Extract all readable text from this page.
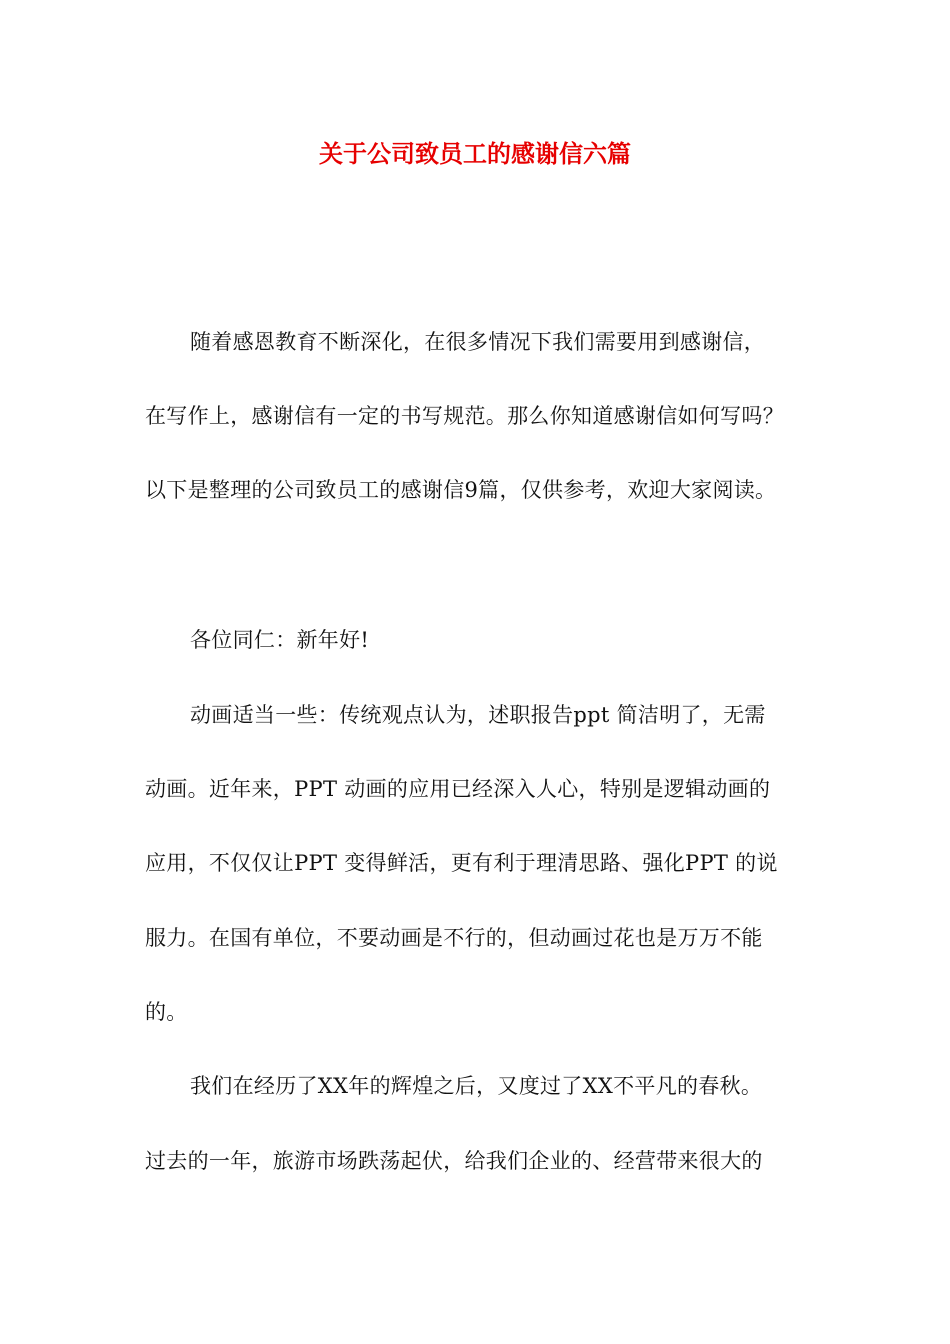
关于公司致员工的感谢信六篇
随着感恩教育不断深化，在很多情况下我们需要用到感谢信，
在写作上，感谢信有一定的书写规范。那么你知道感谢信如何写吗？
以下是整理的公司致员工的感谢信9篇，仅供参考，欢迎大家阅读。
各位同仁：新年好!
动画适当一些：传统观点认为，述职报告ppt 简洁明了，无需
动画。近年来，PPT 动画的应用已经深入人心，特别是逻辑动画的
应用，不仅仅让PPT 变得鲜活，更有利于理清思路、强化PPT 的说
服力。在国有单位，不要动画是不行的，但动画过花也是万万不能
的。
我们在经历了XX年的辉煌之后，又度过了XX不平凡的春秋。
过去的一年，旅游市场跌荡起伏，给我们企业的、经营带来很大的
